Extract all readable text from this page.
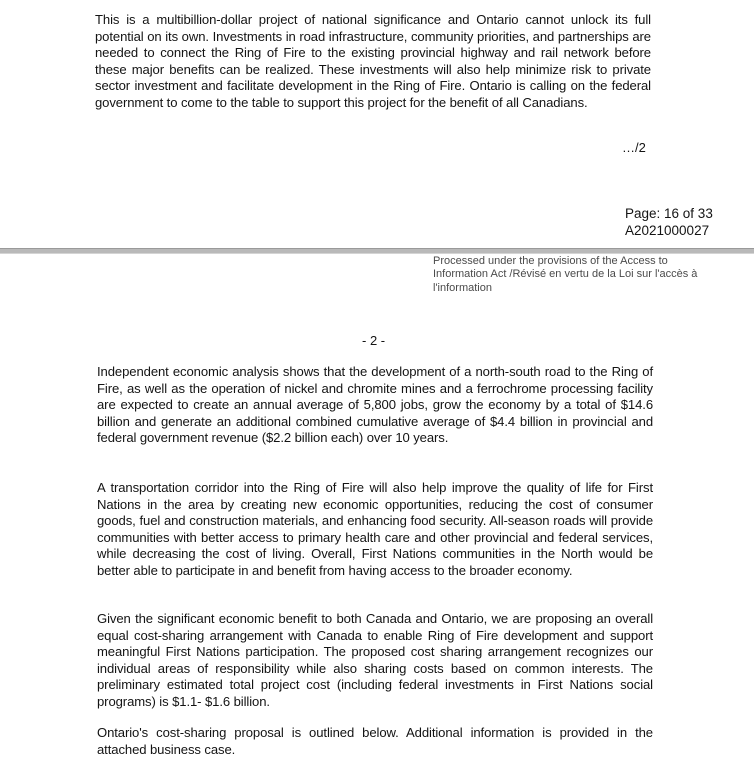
This is a multibillion-dollar project of national significance and Ontario cannot unlock its full potential on its own. Investments in road infrastructure, community priorities, and partnerships are needed to connect the Ring of Fire to the existing provincial highway and rail network before these major benefits can be realized. These investments will also help minimize risk to private sector investment and facilitate development in the Ring of Fire. Ontario is calling on the federal government to come to the table to support this project for the benefit of all Canadians.

…/2

Page: 16 of 33

A2021000027

Processed under the provisions of the Access to

Information Act /Révisé en vertu de la Loi sur l'accès à

l'information

- 2 -

Independent economic analysis shows that the development of a north-south road to the Ring of Fire, as well as the operation of nickel and chromite mines and a ferrochrome processing facility are expected to create an annual average of 5,800 jobs, grow the economy by a total of $14.6 billion and generate an additional combined cumulative average of $4.4 billion in provincial and federal government revenue ($2.2 billion each) over 10 years.

A transportation corridor into the Ring of Fire will also help improve the quality of life for First Nations in the area by creating new economic opportunities, reducing the cost of consumer goods, fuel and construction materials, and enhancing food security. All-season roads will provide communities with better access to primary health care and other provincial and federal services, while decreasing the cost of living. Overall, First Nations communities in the North would be better able to participate in and benefit from having access to the broader economy.

Given the significant economic benefit to both Canada and Ontario, we are proposing an overall equal cost-sharing arrangement with Canada to enable Ring of Fire development and support meaningful First Nations participation. The proposed cost sharing arrangement recognizes our individual areas of responsibility while also sharing costs based on common interests. The preliminary estimated total project cost (including federal investments in First Nations social programs) is $1.1- $1.6 billion.

Ontario's cost-sharing proposal is outlined below. Additional information is provided in the attached business case.
